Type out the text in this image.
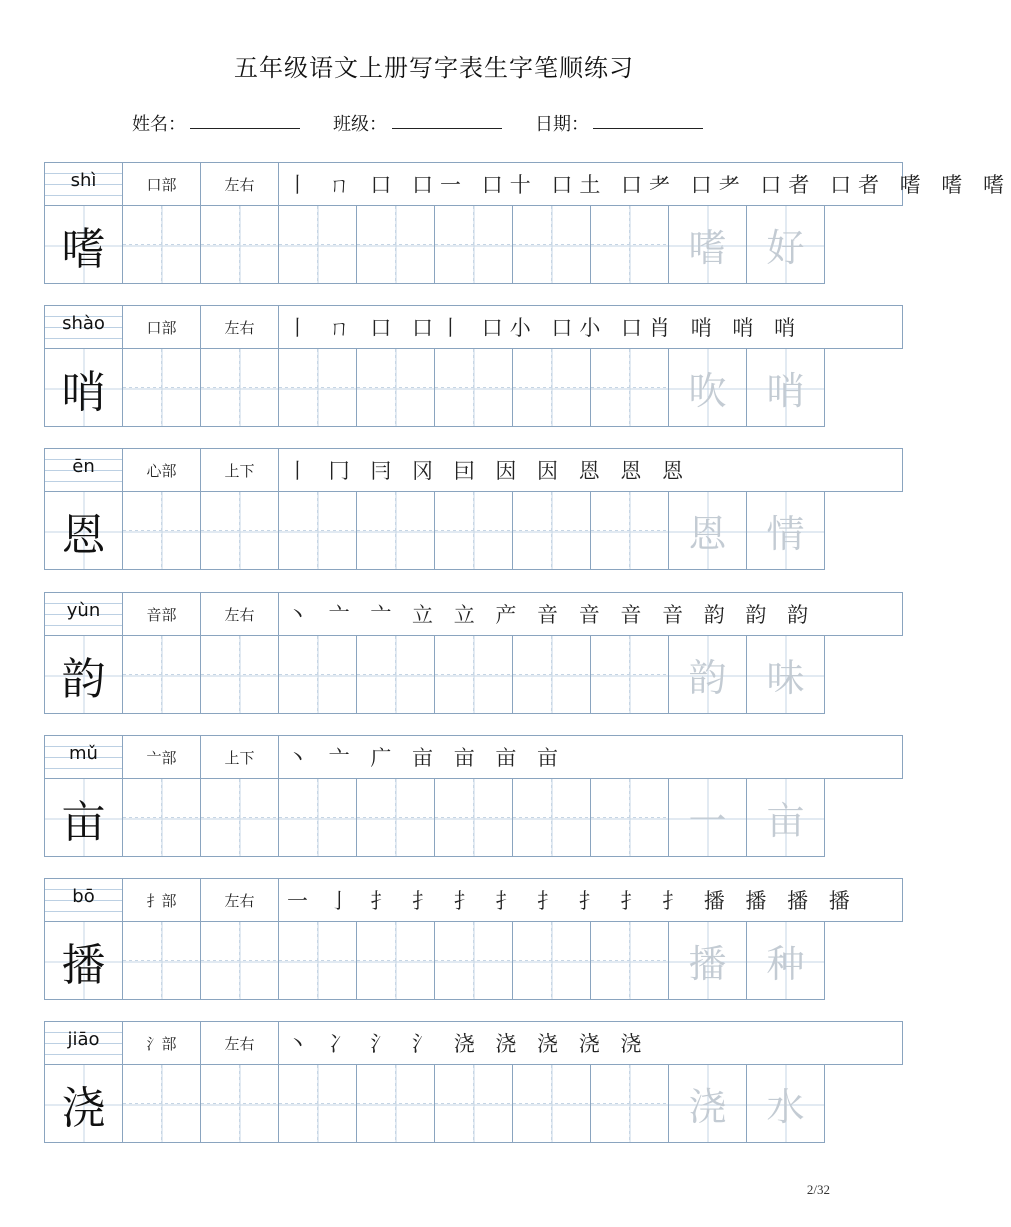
五年级语文上册写字表生字笔顺练习
姓名：	班级：	日期：
shì	口部	左右	丨 ㄇ 口 口一 口十 口土 口耂 口耂 口者 口者 嗜 嗜 嗜						
嗜								嗜	好
shào	口部	左右	丨 ㄇ 口 口丨 口小 口小 口肖 哨 哨 哨						
哨								吹	哨
ēn	心部	上下	丨 冂 冃 冈 囙 因 因 恩 恩 恩						
恩								恩	情
yùn	音部	左右	丶 亠 亠 立 立 产 音 音 音 音 韵 韵 韵						
韵								韵	味
mǔ	亠部	上下	丶 亠 广 亩 亩 亩 亩						
亩								一	亩
bō	扌部	左右	一 亅 扌 扌 扌 扌 扌 扌 扌 扌 播 播 播 播						
播								播	种
jiāo	氵部	左右	丶 冫 氵 氵 浇 浇 浇 浇 浇						
浇								浇	水
2/32
